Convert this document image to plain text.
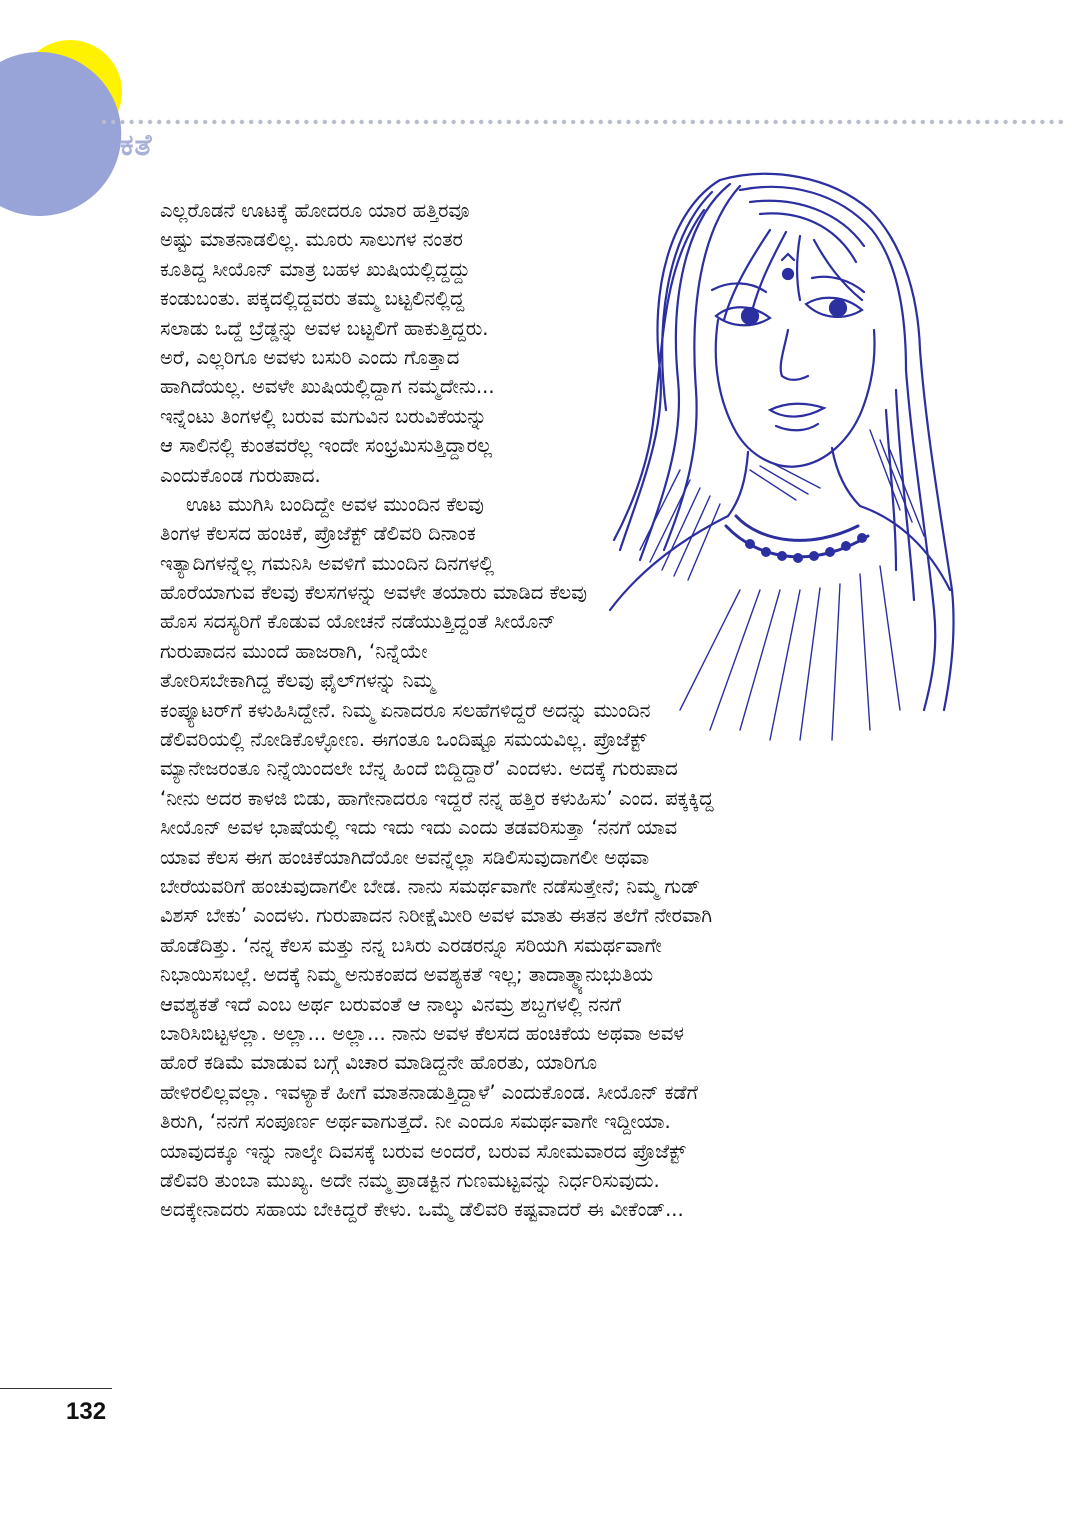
ಕತೆ
ಎಲ್ಲರೊಡನೆ ಊಟಕ್ಕೆ ಹೋದರೂ ಯಾರ ಹತ್ತಿರವೂ
ಅಷ್ಟು ಮಾತನಾಡಲಿಲ್ಲ. ಮೂರು ಸಾಲುಗಳ ನಂತರ
ಕೂತಿದ್ದ ಸೀಯೊನ್ ಮಾತ್ರ ಬಹಳ ಖುಷಿಯಲ್ಲಿದ್ದದ್ದು
ಕಂಡುಬಂತು. ಪಕ್ಕದಲ್ಲಿದ್ದವರು ತಮ್ಮ ಬಟ್ಟಲಿನಲ್ಲಿದ್ದ
ಸಲಾಡು ಒದ್ದೆ ಬ್ರೆಡ್ಡನ್ನು ಅವಳ ಬಟ್ಟಲಿಗೆ ಹಾಕುತ್ತಿದ್ದರು.
ಅರೆ, ಎಲ್ಲರಿಗೂ ಅವಳು ಬಸುರಿ ಎಂದು ಗೊತ್ತಾದ
ಹಾಗಿದೆಯಲ್ಲ. ಅವಳೇ ಖುಷಿಯಲ್ಲಿದ್ದಾಗ ನಮ್ಮದೇನು...
ಇನ್ನೆಂಟು ತಿಂಗಳಲ್ಲಿ ಬರುವ ಮಗುವಿನ ಬರುವಿಕೆಯನ್ನು
ಆ ಸಾಲಿನಲ್ಲಿ ಕುಂತವರೆಲ್ಲ ಇಂದೇ ಸಂಭ್ರಮಿಸುತ್ತಿದ್ದಾರಲ್ಲ
ಎಂದುಕೊಂಡ ಗುರುಪಾದ.
ಊಟ ಮುಗಿಸಿ ಬಂದಿದ್ದೇ ಅವಳ ಮುಂದಿನ ಕೆಲವು
ತಿಂಗಳ ಕೆಲಸದ ಹಂಚಿಕೆ, ಪ್ರೊಜೆಕ್ಟ್ ಡೆಲಿವರಿ ದಿನಾಂಕ
ಇತ್ಯಾದಿಗಳನ್ನೆಲ್ಲ ಗಮನಿಸಿ ಅವಳಿಗೆ ಮುಂದಿನ ದಿನಗಳಲ್ಲಿ
ಹೊರೆಯಾಗುವ ಕೆಲವು ಕೆಲಸಗಳನ್ನು ಅವಳೇ ತಯಾರು ಮಾಡಿದ ಕೆಲವು
ಹೊಸ ಸದಸ್ಯರಿಗೆ ಕೊಡುವ ಯೋಚನೆ ನಡೆಯುತ್ತಿದ್ದಂತೆ ಸೀಯೊನ್
ಗುರುಪಾದನ ಮುಂದೆ ಹಾಜರಾಗಿ, ‘ನಿನ್ನೆಯೇ
ತೋರಿಸಬೇಕಾಗಿದ್ದ ಕೆಲವು ಫೈಲ್‌ಗಳನ್ನು ನಿಮ್ಮ
ಕಂಪ್ಯೂಟರ್‌ಗೆ ಕಳುಹಿಸಿದ್ದೇನೆ. ನಿಮ್ಮ ಏನಾದರೂ ಸಲಹೆಗಳಿದ್ದರೆ ಅದನ್ನು ಮುಂದಿನ
ಡೆಲಿವರಿಯಲ್ಲಿ ನೋಡಿಕೊಳ್ಳೋಣ. ಈಗಂತೂ ಒಂದಿಷ್ಟೂ ಸಮಯವಿಲ್ಲ. ಪ್ರೊಜೆಕ್ಟ್
ಮ್ಯಾನೇಜರಂತೂ ನಿನ್ನೆಯಿಂದಲೇ ಬೆನ್ನ ಹಿಂದೆ ಬಿದ್ದಿದ್ದಾರೆ’ ಎಂದಳು. ಅದಕ್ಕೆ ಗುರುಪಾದ
‘ನೀನು ಅದರ ಕಾಳಜಿ ಬಿಡು, ಹಾಗೇನಾದರೂ ಇದ್ದರೆ ನನ್ನ ಹತ್ತಿರ ಕಳುಹಿಸು’ ಎಂದ. ಪಕ್ಕಕ್ಕಿದ್ದ
ಸೀಯೊನ್ ಅವಳ ಭಾಷೆಯಲ್ಲಿ ಇದು ಇದು ಇದು ಎಂದು ತಡವರಿಸುತ್ತಾ ‘ನನಗೆ ಯಾವ
ಯಾವ ಕೆಲಸ ಈಗ ಹಂಚಿಕೆಯಾಗಿದೆಯೋ ಅವನ್ನೆಲ್ಲಾ ಸಡಿಲಿಸುವುದಾಗಲೀ ಅಥವಾ
ಬೇರೆಯವರಿಗೆ ಹಂಚುವುದಾಗಲೀ ಬೇಡ. ನಾನು ಸಮರ್ಥವಾಗೇ ನಡೆಸುತ್ತೇನೆ; ನಿಮ್ಮ ಗುಡ್
ವಿಶಸ್ ಬೇಕು’ ಎಂದಳು. ಗುರುಪಾದನ ನಿರೀಕ್ಷೆಮೀರಿ ಅವಳ ಮಾತು ಈತನ ತಲೆಗೆ ನೇರವಾಗಿ
ಹೊಡೆದಿತ್ತು. ‘ನನ್ನ ಕೆಲಸ ಮತ್ತು ನನ್ನ ಬಸಿರು ಎರಡರನ್ನೂ ಸರಿಯಗಿ ಸಮರ್ಥವಾಗೇ
ನಿಭಾಯಿಸಬಲ್ಲೆ. ಅದಕ್ಕೆ ನಿಮ್ಮ ಅನುಕಂಪದ ಅವಶ್ಯಕತೆ ಇಲ್ಲ; ತಾದಾತ್ಮ್ಯಾನುಭುತಿಯ
ಆವಶ್ಯಕತೆ ಇದೆ ಎಂಬ ಅರ್ಥ ಬರುವಂತೆ ಆ ನಾಲ್ಕು ವಿನಮ್ರ ಶಬ್ದಗಳಲ್ಲಿ ನನಗೆ
ಬಾರಿಸಿಬಿಟ್ಟಳಲ್ಲಾ. ಅಲ್ಲಾ... ಅಲ್ಲಾ... ನಾನು ಅವಳ ಕೆಲಸದ ಹಂಚಿಕೆಯ ಅಥವಾ ಅವಳ
ಹೊರೆ ಕಡಿಮೆ ಮಾಡುವ ಬಗ್ಗೆ ವಿಚಾರ ಮಾಡಿದ್ದನೇ ಹೊರತು, ಯಾರಿಗೂ
ಹೇಳಿರಲಿಲ್ಲವಲ್ಲಾ. ಇವಳ್ಯಾಕೆ ಹೀಗೆ ಮಾತನಾಡುತ್ತಿದ್ದಾಳೆ’ ಎಂದುಕೊಂಡ. ಸೀಯೊನ್ ಕಡೆಗೆ
ತಿರುಗಿ, ‘ನನಗೆ ಸಂಪೂರ್ಣ ಅರ್ಥವಾಗುತ್ತದೆ. ನೀ ಎಂದೂ ಸಮರ್ಥವಾಗೇ ಇದ್ದೀಯಾ.
ಯಾವುದಕ್ಕೂ ಇನ್ನು ನಾಲ್ಕೇ ದಿವಸಕ್ಕೆ ಬರುವ ಅಂದರೆ, ಬರುವ ಸೋಮವಾರದ ಪ್ರೊಜೆಕ್ಟ್
ಡೆಲಿವರಿ ತುಂಬಾ ಮುಖ್ಯ. ಅದೇ ನಮ್ಮ ಪ್ರಾಡಕ್ಟಿನ ಗುಣಮಟ್ಟವನ್ನು ನಿರ್ಧರಿಸುವುದು.
ಅದಕ್ಕೇನಾದರು ಸಹಾಯ ಬೇಕಿದ್ದರೆ ಕೇಳು. ಒಮ್ಮೆ ಡೆಲಿವರಿ ಕಷ್ಟವಾದರೆ ಈ ವೀಕೆಂಡ್...
132
